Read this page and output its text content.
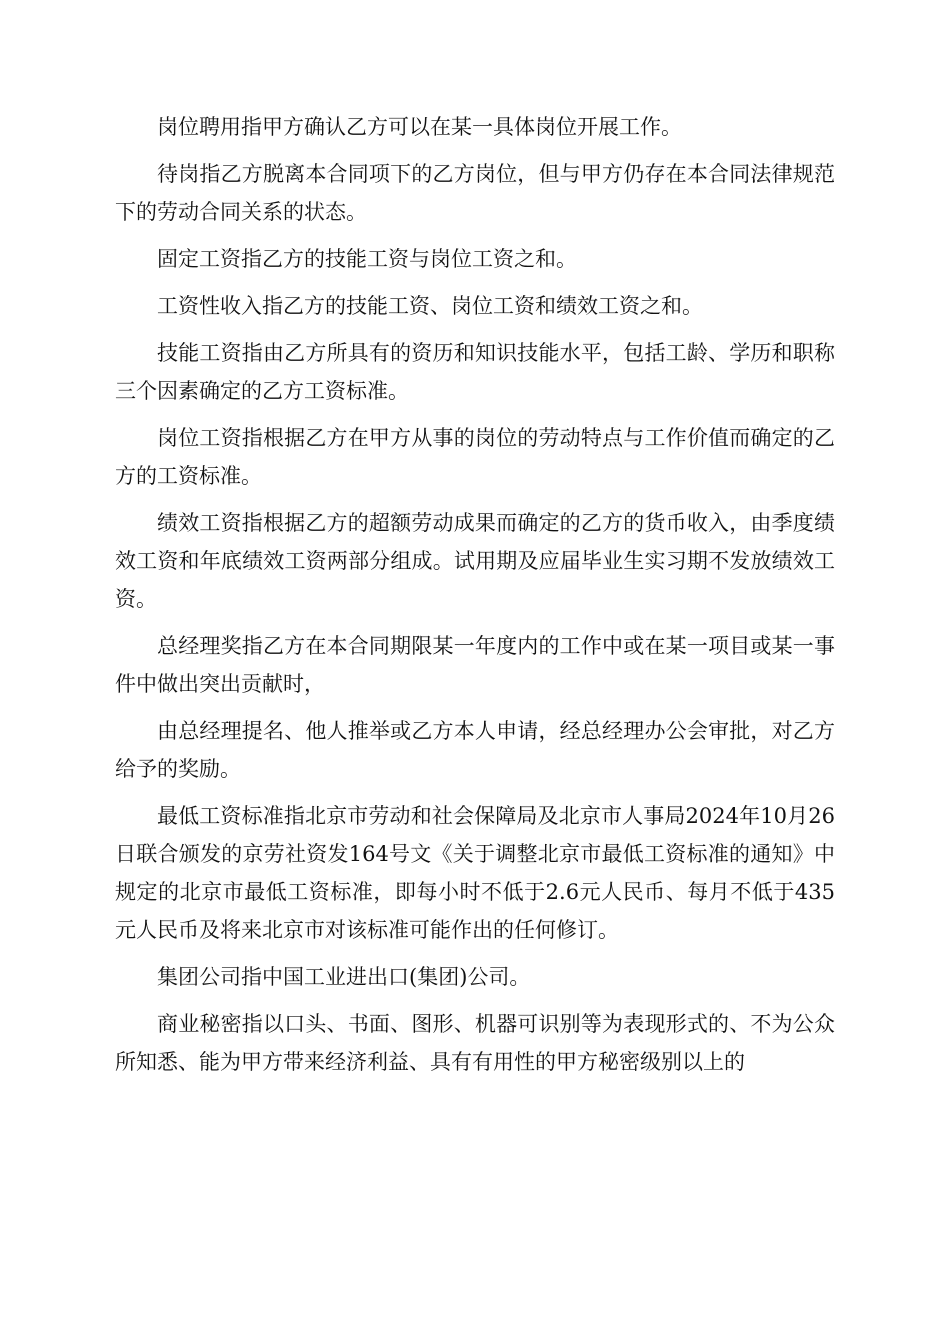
岗位聘用指甲方确认乙方可以在某一具体岗位开展工作。

待岗指乙方脱离本合同项下的乙方岗位，但与甲方仍存在本合同法律规范下的劳动合同关系的状态。

固定工资指乙方的技能工资与岗位工资之和。

工资性收入指乙方的技能工资、岗位工资和绩效工资之和。

技能工资指由乙方所具有的资历和知识技能水平，包括工龄、学历和职称三个因素确定的乙方工资标准。

岗位工资指根据乙方在甲方从事的岗位的劳动特点与工作价值而确定的乙方的工资标准。

绩效工资指根据乙方的超额劳动成果而确定的乙方的货币收入，由季度绩效工资和年底绩效工资两部分组成。试用期及应届毕业生实习期不发放绩效工资。

总经理奖指乙方在本合同期限某一年度内的工作中或在某一项目或某一事件中做出突出贡献时，

由总经理提名、他人推举或乙方本人申请，经总经理办公会审批，对乙方给予的奖励。

最低工资标准指北京市劳动和社会保障局及北京市人事局2024年10月26日联合颁发的京劳社资发164号文《关于调整北京市最低工资标准的通知》中规定的北京市最低工资标准，即每小时不低于2.6元人民币、每月不低于435元人民币及将来北京市对该标准可能作出的任何修订。

集团公司指中国工业进出口(集团)公司。

商业秘密指以口头、书面、图形、机器可识别等为表现形式的、不为公众所知悉、能为甲方带来经济利益、具有有用性的甲方秘密级别以上的
